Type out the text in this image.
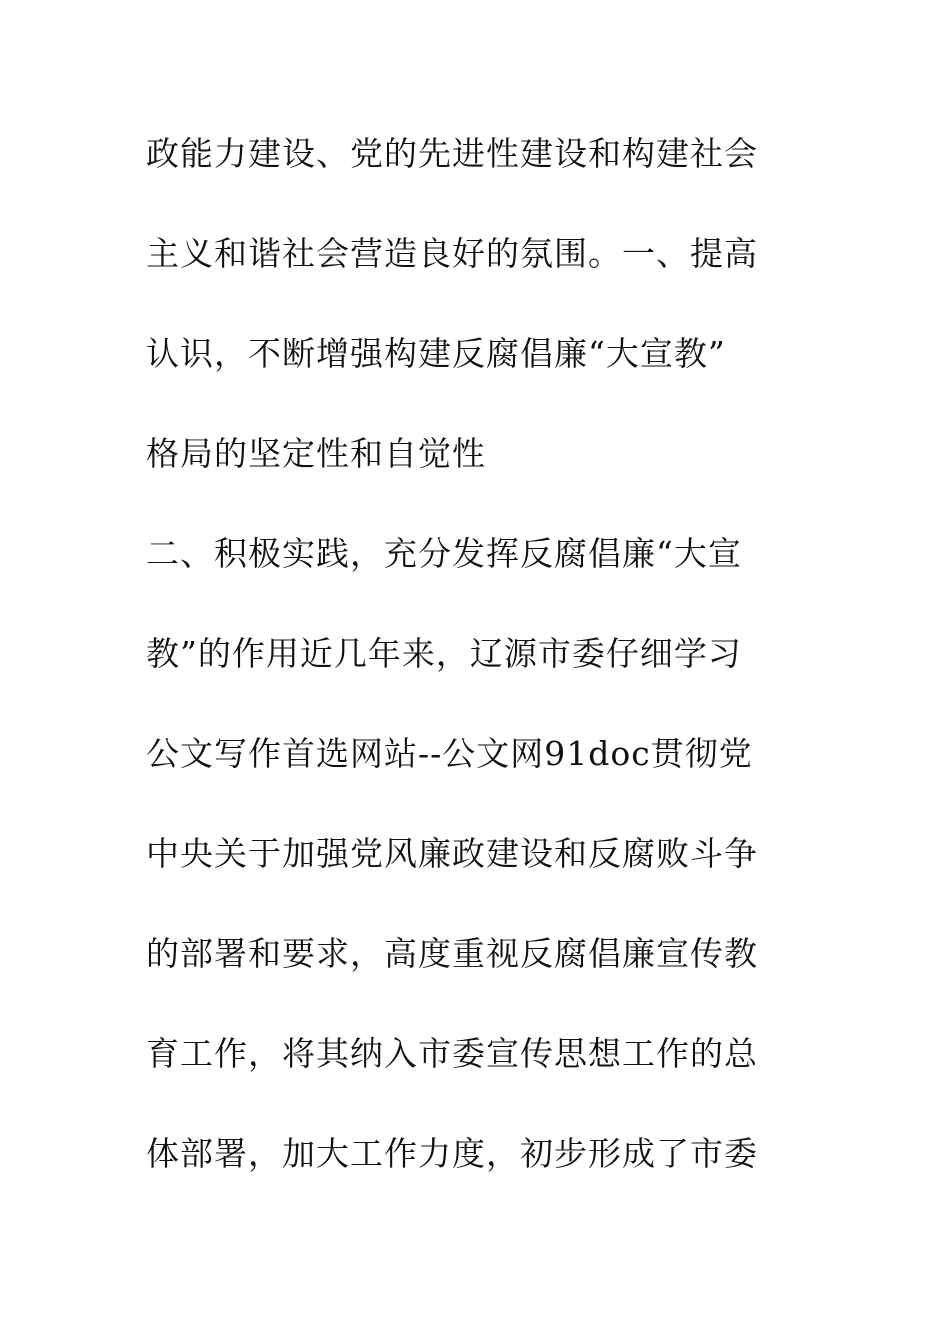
政能力建设、党的先进性建设和构建社会
主义和谐社会营造良好的氛围。一、提高
认识，不断增强构建反腐倡廉“大宣教”
格局的坚定性和自觉性
二、积极实践，充分发挥反腐倡廉“大宣
教”的作用近几年来，辽源市委仔细学习
公文写作首选网站--公文网91doc贯彻党
中央关于加强党风廉政建设和反腐败斗争
的部署和要求，高度重视反腐倡廉宣传教
育工作，将其纳入市委宣传思想工作的总
体部署，加大工作力度，初步形成了市委
